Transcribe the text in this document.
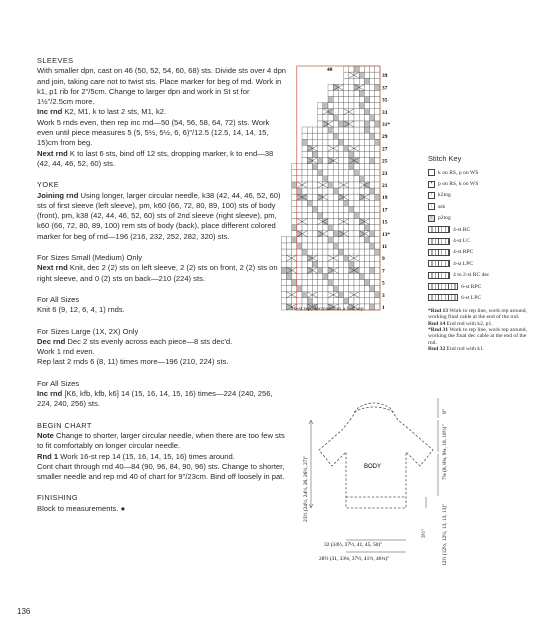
SLEEVES

With smaller dpn, cast on 46 (50, 52, 54, 60, 68) sts. Divide sts over 4 dpn and join, taking care not to twist sts. Place marker for beg of rnd. Work in k1, p1 rib for 2"/5cm. Change to larger dpn and work in St st for 1½"/2.5cm more.

Inc rnd K2, M1, k to last 2 sts, M1, k2.

Work 5 rnds even, then rep inc rnd—50 (54, 56, 58, 64, 72) sts. Work even until piece measures 5 (5, 5½, 5½, 6, 6)"/12.5 (12.5, 14, 14, 15, 15)cm from beg.

Next rnd K to last 6 sts, bind off 12 sts, dropping marker, k to end—38 (42, 44, 46, 52, 60) sts.

YOKE

Joining rnd Using longer, larger circular needle, k38 (42, 44, 46, 52, 60) sts of first sleeve (left sleeve), pm, k60 (66, 72, 80, 89, 100) sts of body (front), pm, k38 (42, 44, 46, 52, 60) sts of 2nd sleeve (right sleeve), pm, k60 (66, 72, 80, 89, 100) rem sts of body (back), place different colored marker for beg of rnd—196 (216, 232, 252, 282, 320) sts.

For Sizes Small (Medium) Only

Next rnd Knit, dec 2 (2) sts on left sleeve, 2 (2) sts on front, 2 (2) sts on right sleeve, and 0 (2) sts on back—210 (224) sts.

For All Sizes

Knit 6 (9, 12, 6, 4, 1) rnds.

For Sizes Large (1X, 2X) Only

Dec rnd Dec 2 sts evenly across each piece—8 sts dec'd.

Work 1 rnd even.

Rep last 2 rnds 6 (8, 11) times more—196 (210, 224) sts.

For All Sizes

Inc rnd [K6, kfb, kfb, k6] 14 (15, 16, 14, 15, 16) times—224 (240, 256, 224, 240, 256) sts.

BEGIN CHART

Note Change to shorter, larger circular needle, when there are too few sts to fit comfortably on longer circular needle.

Rnd 1 Work 16-st rep 14 (15, 16, 14, 15, 16) times around.

Cont chart through rnd 40—84 (90, 96, 84, 90, 96) sts. Change to shorter, smaller needle and rep rnd 40 of chart for 9"/23cm. Bind off loosely in pat.

FINISHING

Block to measurements. ●

136
40
39
37
35
33
31*
29
27
25
23
21
19
17
15
13*
11
9
7
5
3
1
16-st rep, decreased to a 6-st rep
Stitch Key
k on RS, p on WS
• p on RS, k on WS
/	k2tog
\	ssk
/	p2tog
4-st RC
4-st LC
4-st RPC
4-st LPC
4 to 2-st RC dec
6-st RPC
6-st LPC

*Rnd 13 Work to rep line, work rep around, working final cable at the end of the rnd.

Rnd 14 End rnd with k2, p1.

*Rnd 31 Work to rep line, work rep around, working the final dec cable at the end of the rnd.

Rnd 32 End rnd with k1.

BODY
23½ (24½, 24½, 26, 26½, 27)"
9"
7¾ (8, 8¾, 9¾, 10, 10½)"
12½ (12½, 12½, 13, 13, 13)"
3½"
32 (34½, 37½, 41, 45, 50)"
28½ (31, 33⅛, 37½, 41½, 46¼)"
